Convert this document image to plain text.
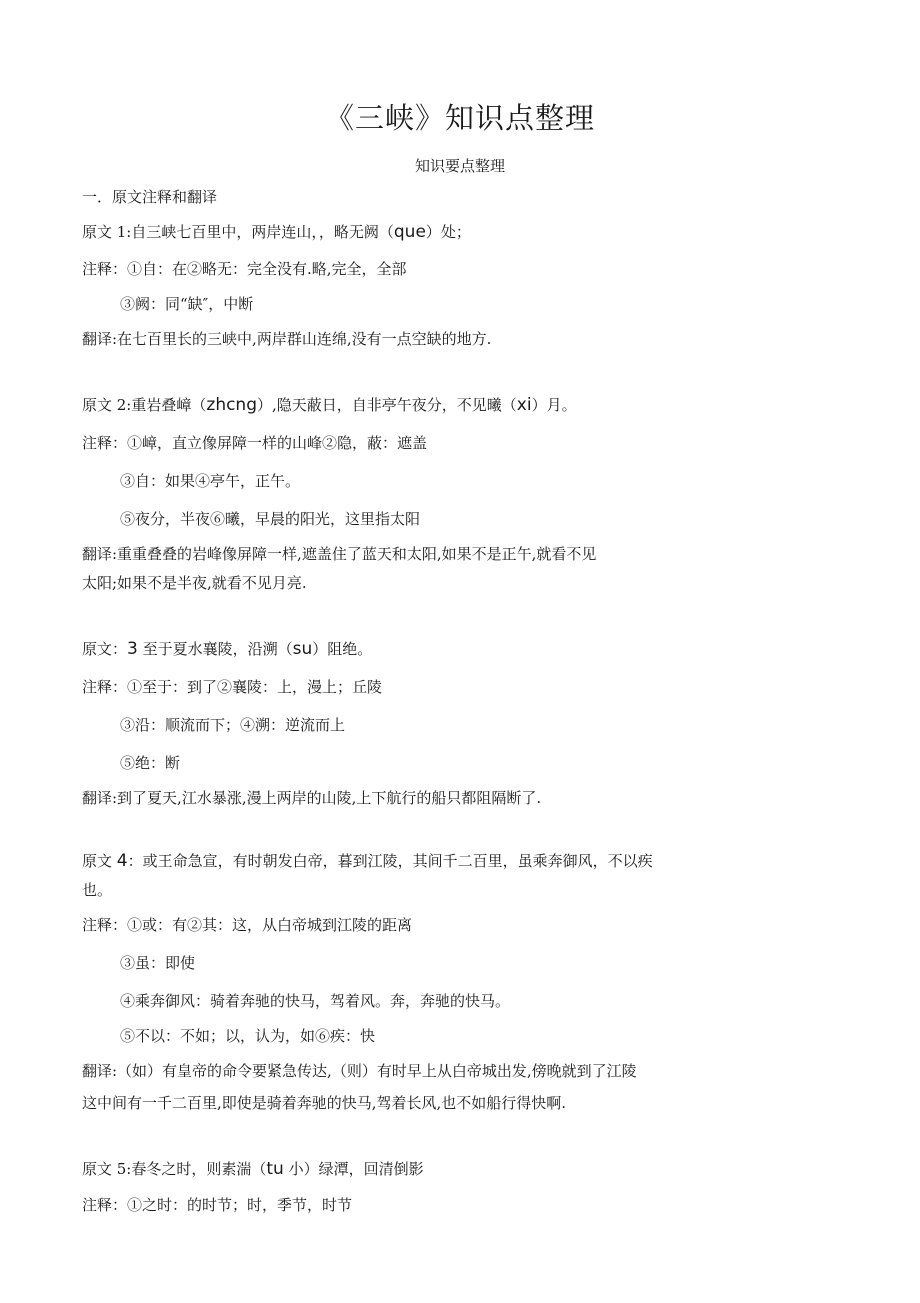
《三峡》知识点整理
知识要点整理
一．原文注释和翻译
原文 1:自三峡七百里中，两岸连山，，略无阙（que）处；
注释：①自：在②略无：完全没有.略,完全，全部
③阙：同“缺″，中断
翻译:在七百里长的三峡中,两岸群山连绵,没有一点空缺的地方.
原文 2:重岩叠嶂（zhcng）,隐天蔽日，自非亭午夜分，不见曦（xi）月。
注释：①嶂，直立像屏障一样的山峰②隐，蔽：遮盖
③自：如果④亭午，正午。
⑤夜分，半夜⑥曦，早晨的阳光，这里指太阳
翻译:重重叠叠的岩峰像屏障一样,遮盖住了蓝天和太阳,如果不是正午,就看不见
太阳;如果不是半夜,就看不见月亮.
原文：3 至于夏水襄陵，沿溯（su）阻绝。
注释：①至于：到了②襄陵：上，漫上；丘陵
③沿：顺流而下；④溯：逆流而上
⑤绝：断
翻译:到了夏天,江水暴涨,漫上两岸的山陵,上下航行的船只都阻隔断了.
原文 4：或王命急宣，有时朝发白帝，暮到江陵，其间千二百里，虽乘奔御风，不以疾
也。
注释：①或：有②其：这，从白帝城到江陵的距离
③虽：即使
④乘奔御风：骑着奔驰的快马，驾着风。奔，奔驰的快马。
⑤不以：不如；以，认为，如⑥疾：快
翻译:（如）有皇帝的命令要紧急传达,（则）有时早上从白帝城出发,傍晚就到了江陵
这中间有一千二百里,即使是骑着奔驰的快马,驾着长风,也不如船行得快啊.
原文 5:春冬之时，则素湍（tu 小）绿潭，回清倒影
注释：①之时：的时节；时，季节，时节
